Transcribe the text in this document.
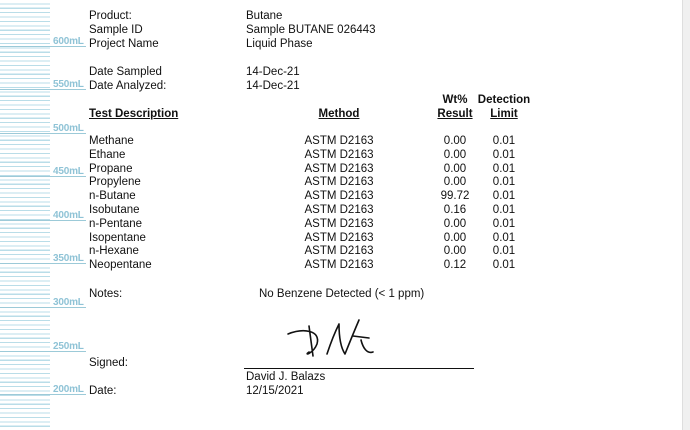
600mL
550mL
500mL
450mL
400mL
350mL
300mL
250mL
200mL
Product:	Butane
Sample ID	Sample BUTANE 026443
Project Name	Liquid Phase
Date Sampled	14-Dec-21
Date Analyzed:	14-Dec-21
Wt% Detection
Test Description	Method	Result	Limit
Methane	ASTM D2163	0.00	0.01
Ethane	ASTM D2163	0.00	0.01
Propane	ASTM D2163	0.00	0.01
Propylene	ASTM D2163	0.00	0.01
n-Butane	ASTM D2163	99.72	0.01
Isobutane	ASTM D2163	0.16	0.01
n-Pentane	ASTM D2163	0.00	0.01
Isopentane	ASTM D2163	0.00	0.01
n-Hexane	ASTM D2163	0.00	0.01
Neopentane	ASTM D2163	0.12	0.01
Notes:	No Benzene Detected (< 1 ppm)
Signed:
David J. Balazs
Date:	12/15/2021
